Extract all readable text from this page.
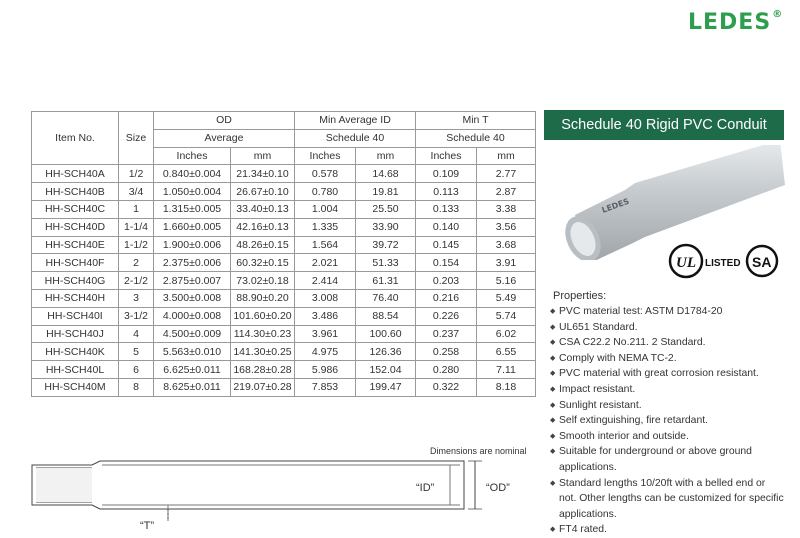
LEDES®
Item No.	Size	OD		Min Average ID		Min T	
		Average		Schedule 40		Schedule 40	
		Inches	mm	Inches	mm	Inches	mm
HH-SCH40A	1/2	0.840±0.004	21.34±0.10	0.578	14.68	0.109	2.77
HH-SCH40B	3/4	1.050±0.004	26.67±0.10	0.780	19.81	0.113	2.87
HH-SCH40C	1	1.315±0.005	33.40±0.13	1.004	25.50	0.133	3.38
HH-SCH40D	1-1/4	1.660±0.005	42.16±0.13	1.335	33.90	0.140	3.56
HH-SCH40E	1-1/2	1.900±0.006	48.26±0.15	1.564	39.72	0.145	3.68
HH-SCH40F	2	2.375±0.006	60.32±0.15	2.021	51.33	0.154	3.91
HH-SCH40G	2-1/2	2.875±0.007	73.02±0.18	2.414	61.31	0.203	5.16
HH-SCH40H	3	3.500±0.008	88.90±0.20	3.008	76.40	0.216	5.49
HH-SCH40I	3-1/2	4.000±0.008	101.60±0.20	3.486	88.54	0.226	5.74
HH-SCH40J	4	4.500±0.009	114.30±0.23	3.961	100.60	0.237	6.02
HH-SCH40K	5	5.563±0.010	141.30±0.25	4.975	126.36	0.258	6.55
HH-SCH40L	6	6.625±0.011	168.28±0.28	5.986	152.04	0.280	7.11
HH-SCH40M	8	8.625±0.011	219.07±0.28	7.853	199.47	0.322	8.18
Dimensions are nominal
“ID”	“OD”
“T”
Schedule 40 Rigid PVC Conduit
LEDES
UL LISTED SA
Properties:
◆ PVC material test: ASTM D1784-20
◆ UL651 Standard.
◆ CSA C22.2 No.211. 2 Standard.
◆ Comply with NEMA TC-2.
◆ PVC material with great corrosion resistant.
◆ Impact resistant.
◆ Sunlight resistant.
◆ Self extinguishing, fire retardant.
◆ Smooth interior and outside.
◆ Suitable for underground or above ground applications.
◆ Standard lengths 10/20ft with a belled end or not. Other lengths can be customized for specific applications.
◆ FT4 rated.
